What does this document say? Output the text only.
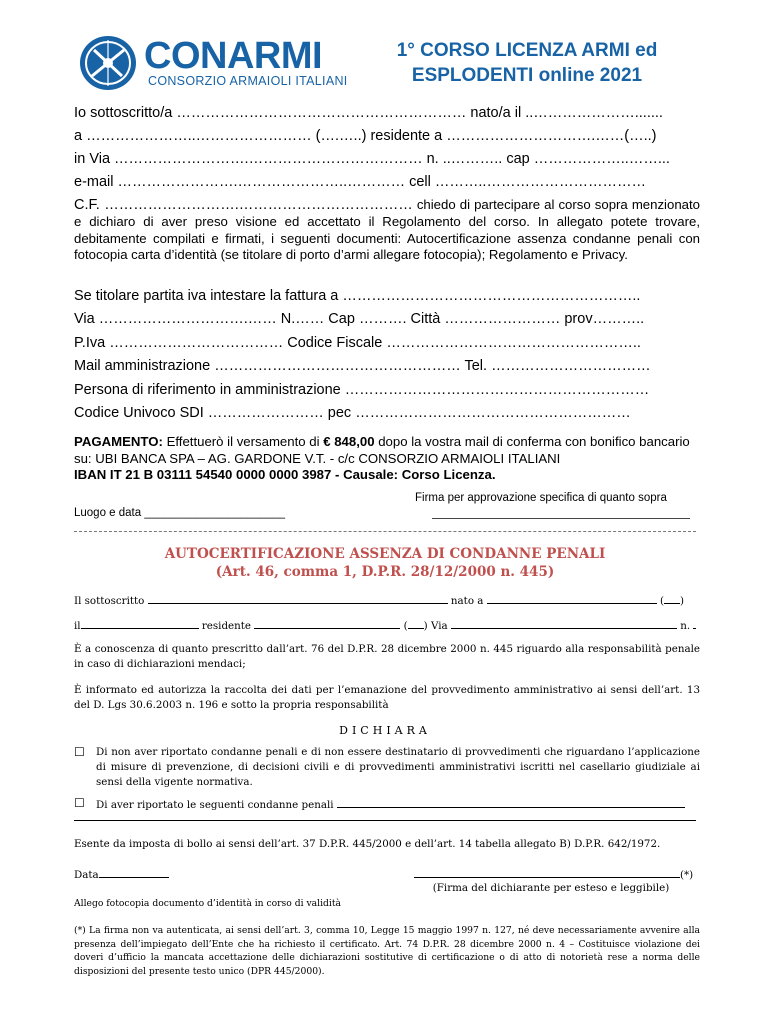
CONARMI
CONSORZIO ARMAIOLI ITALIANI
1° CORSO LICENZA ARMI ed
ESPLODENTI online 2021
Io sottoscritto/a …………………………………………………… nato/a il ..………………….......
a …………………..…………………… (….…..) residente a ………………………….……(…..)
in Via ……………………….……………………………… n. ..……….. cap ………………..……...
e-mail …………………….…………………..………… cell ………..……………………………
C.F. ……………………….……………………………… chiedo di partecipare al corso sopra menzionato e dichiaro di aver preso visione ed accettato il Regolamento del corso. In allegato potete trovare, debitamente compilati e firmati, i seguenti documenti: Autocertificazione assenza condanne penali con fotocopia carta d’identità (se titolare di porto d’armi allegare fotocopia); Regolamento e Privacy.
Se titolare partita iva intestare la fattura a ……………………………………………………..
Via ………………………….…… N.…… Cap ………. Città …………………… prov………..
P.Iva ……………………………… Codice Fiscale ……………………………………………..
Mail amministrazione …………………………………………… Tel. ……………………………
Persona di riferimento in amministrazione ………………………………………………………
Codice Univoco SDI …………………… pec …………………………………………………
PAGAMENTO: Effettuerò il versamento di € 848,00 dopo la vostra mail di conferma con bonifico bancario su: UBI BANCA SPA – AG. GARDONE V.T. - c/c CONSORZIO ARMAIOLI ITALIANI
IBAN IT 21 B 03111 54540 0000 0000 3987 - Causale: Corso Licenza.
Firma per approvazione specifica di quanto sopra
Luogo e data ______________________
AUTOCERTIFICAZIONE ASSENZA DI CONDANNE PENALI
(Art. 46, comma 1, D.P.R. 28/12/2000 n. 445)
Il sottoscritto	nato a	( )
il	residente	( ) Via	n.
È a conoscenza di quanto prescritto dall’art. 76 del D.P.R. 28 dicembre 2000 n. 445 riguardo alla responsabilità penale in caso di dichiarazioni mendaci;
È informato ed autorizza la raccolta dei dati per l’emanazione del provvedimento amministrativo ai sensi dell’art. 13 del D. Lgs 30.6.2003 n. 196 e sotto la propria responsabilità
DICHIARA
☐ Di non aver riportato condanne penali e di non essere destinatario di provvedimenti che riguardano l’applicazione di misure di prevenzione, di decisioni civili e di provvedimenti amministrativi iscritti nel casellario giudiziale ai sensi della vigente normativa.
☐ Di aver riportato le seguenti condanne penali
Esente da imposta di bollo ai sensi dell’art. 37 D.P.R. 445/2000 e dell’art. 14 tabella allegato B) D.P.R. 642/1972.
Data	(*)
(Firma del dichiarante per esteso e leggibile)
Allego fotocopia documento d’identità in corso di validità
(*) La firma non va autenticata, ai sensi dell’art. 3, comma 10, Legge 15 maggio 1997 n. 127, né deve necessariamente avvenire alla presenza dell’impiegato dell’Ente che ha richiesto il certificato. Art. 74 D.P.R. 28 dicembre 2000 n. 4 – Costituisce violazione dei doveri d’ufficio la mancata accettazione delle dichiarazioni sostitutive di certificazione o di atto di notorietà rese a norma delle disposizioni del presente testo unico (DPR 445/2000).
